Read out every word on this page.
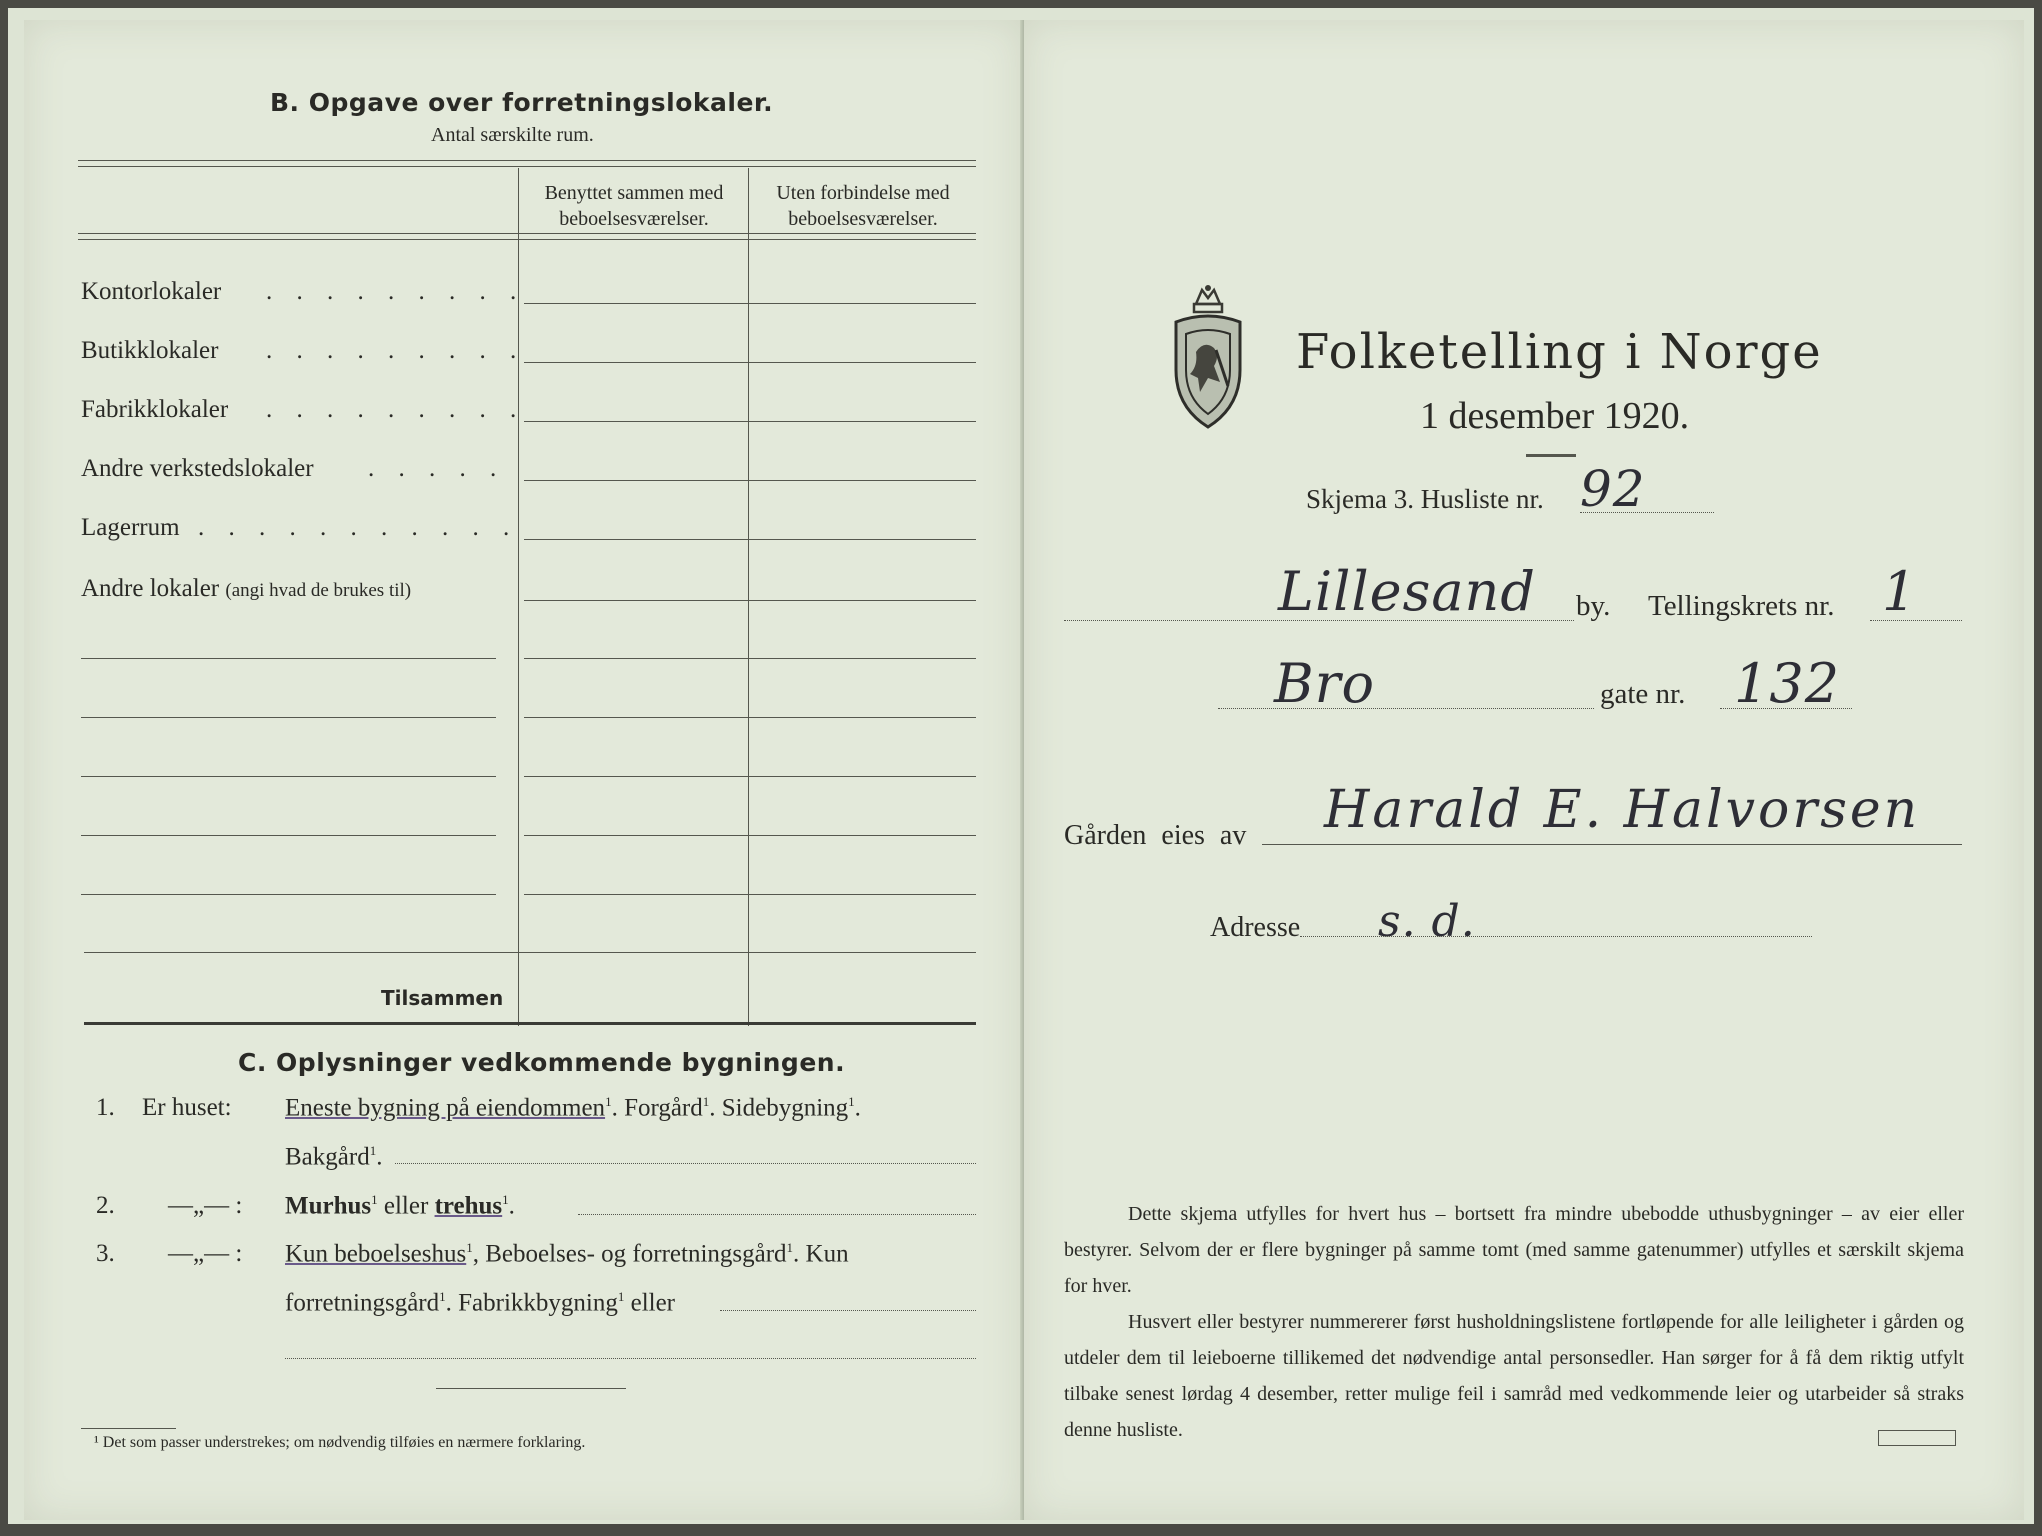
B. Opgave over forretningslokaler.
Antal særskilte rum.
Benyttet sammen med
beboelsesværelser.
Uten forbindelse med
beboelsesværelser.
Kontorlokaler . . . . . . . . .
Butikklokaler . . . . . . . . .
Fabrikklokaler . . . . . . . . .
Andre verkstedslokaler . . . . .
Lagerrum . . . . . . . . . . .
Andre lokaler (angi hvad de brukes til)
Tilsammen
C. Oplysninger vedkommende bygningen.
1. Er huset: Eneste bygning på eiendommen$^1$. Forgård$^1$. Sidebygning$^1$.
Bakgård$^1$.
2. —„— : Murhus$^1$ eller trehus$^1$.
3. —„— : Kun beboelseshus$^1$, Beboelses- og forretningsgård$^1$. Kun
forretningsgård$^1$. Fabrikkbygning$^1$ eller
¹ Det som passer understrekes; om nødvendig tilføies en nærmere forklaring.
Folketelling i Norge
1 desember 1920.
Skjema 3. Husliste nr. 92
Lillesand by. Tellingskrets nr. 1
Bro	gate nr. 132
Gården eies av Harald E. Halvorsen
Adresse s. d.
Dette skjema utfylles for hvert hus – bortsett fra mindre ubebodde uthusbygninger – av eier eller bestyrer. Selvom der er flere bygninger på samme tomt (med samme gatenummer) utfylles et særskilt skjema for hver.
Husvert eller bestyrer nummererer først husholdningslistene fortløpende for alle leiligheter i gården og utdeler dem til leieboerne tillikemed det nødvendige antal personsedler. Han sørger for å få dem riktig utfylt tilbake senest lørdag 4 desember, retter mulige feil i samråd med vedkommende leier og utarbeider så straks denne husliste.
